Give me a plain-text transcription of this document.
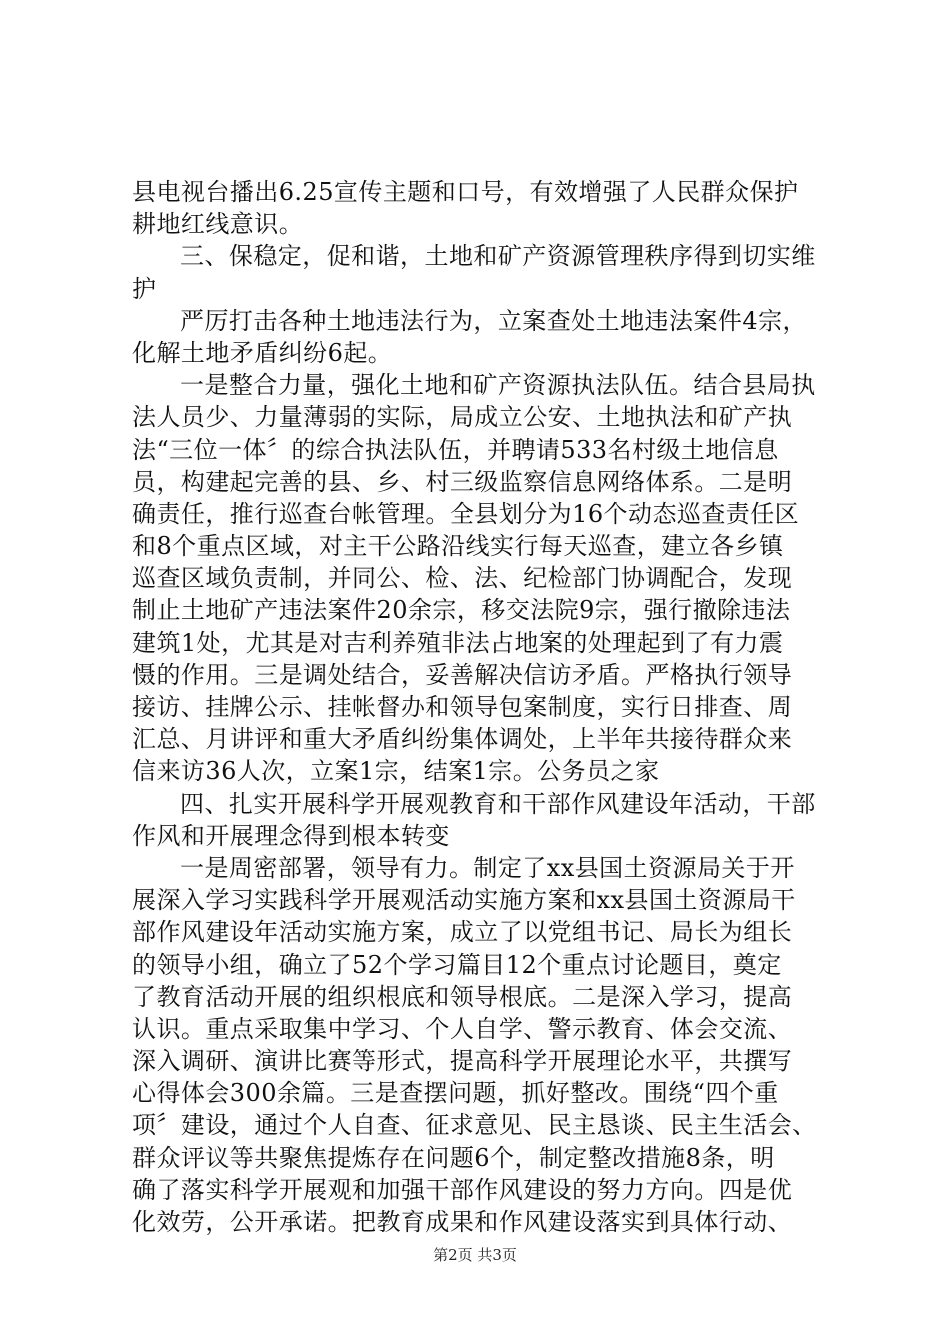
县电视台播出6.25宣传主题和口号，有效增强了人民群众保护
耕地红线意识。
三、保稳定，促和谐，土地和矿产资源管理秩序得到切实维
护
严厉打击各种土地违法行为，立案查处土地违法案件4宗，
化解土地矛盾纠纷6起。
一是整合力量，强化土地和矿产资源执法队伍。结合县局执
法人员少、力量薄弱的实际，局成立公安、土地执法和矿产执
法“三位一体〞的综合执法队伍，并聘请533名村级土地信息
员，构建起完善的县、乡、村三级监察信息网络体系。二是明
确责任，推行巡查台帐管理。全县划分为16个动态巡查责任区
和8个重点区域，对主干公路沿线实行每天巡查，建立各乡镇
巡查区域负责制，并同公、检、法、纪检部门协调配合，发现
制止土地矿产违法案件20余宗，移交法院9宗，强行撤除违法
建筑1处，尤其是对吉利养殖非法占地案的处理起到了有力震
慑的作用。三是调处结合，妥善解决信访矛盾。严格执行领导
接访、挂牌公示、挂帐督办和领导包案制度，实行日排查、周
汇总、月讲评和重大矛盾纠纷集体调处，上半年共接待群众来
信来访36人次，立案1宗，结案1宗。公务员之家
四、扎实开展科学开展观教育和干部作风建设年活动，干部
作风和开展理念得到根本转变
一是周密部署，领导有力。制定了xx县国土资源局关于开
展深入学习实践科学开展观活动实施方案和xx县国土资源局干
部作风建设年活动实施方案，成立了以党组书记、局长为组长
的领导小组，确立了52个学习篇目12个重点讨论题目，奠定
了教育活动开展的组织根底和领导根底。二是深入学习，提高
认识。重点采取集中学习、个人自学、警示教育、体会交流、
深入调研、演讲比赛等形式，提高科学开展理论水平，共撰写
心得体会300余篇。三是查摆问题，抓好整改。围绕“四个重
项〞建设，通过个人自查、征求意见、民主恳谈、民主生活会、
群众评议等共聚焦提炼存在问题6个，制定整改措施8条，明
确了落实科学开展观和加强干部作风建设的努力方向。四是优
化效劳，公开承诺。把教育成果和作风建设落实到具体行动、
第2页 共3页
